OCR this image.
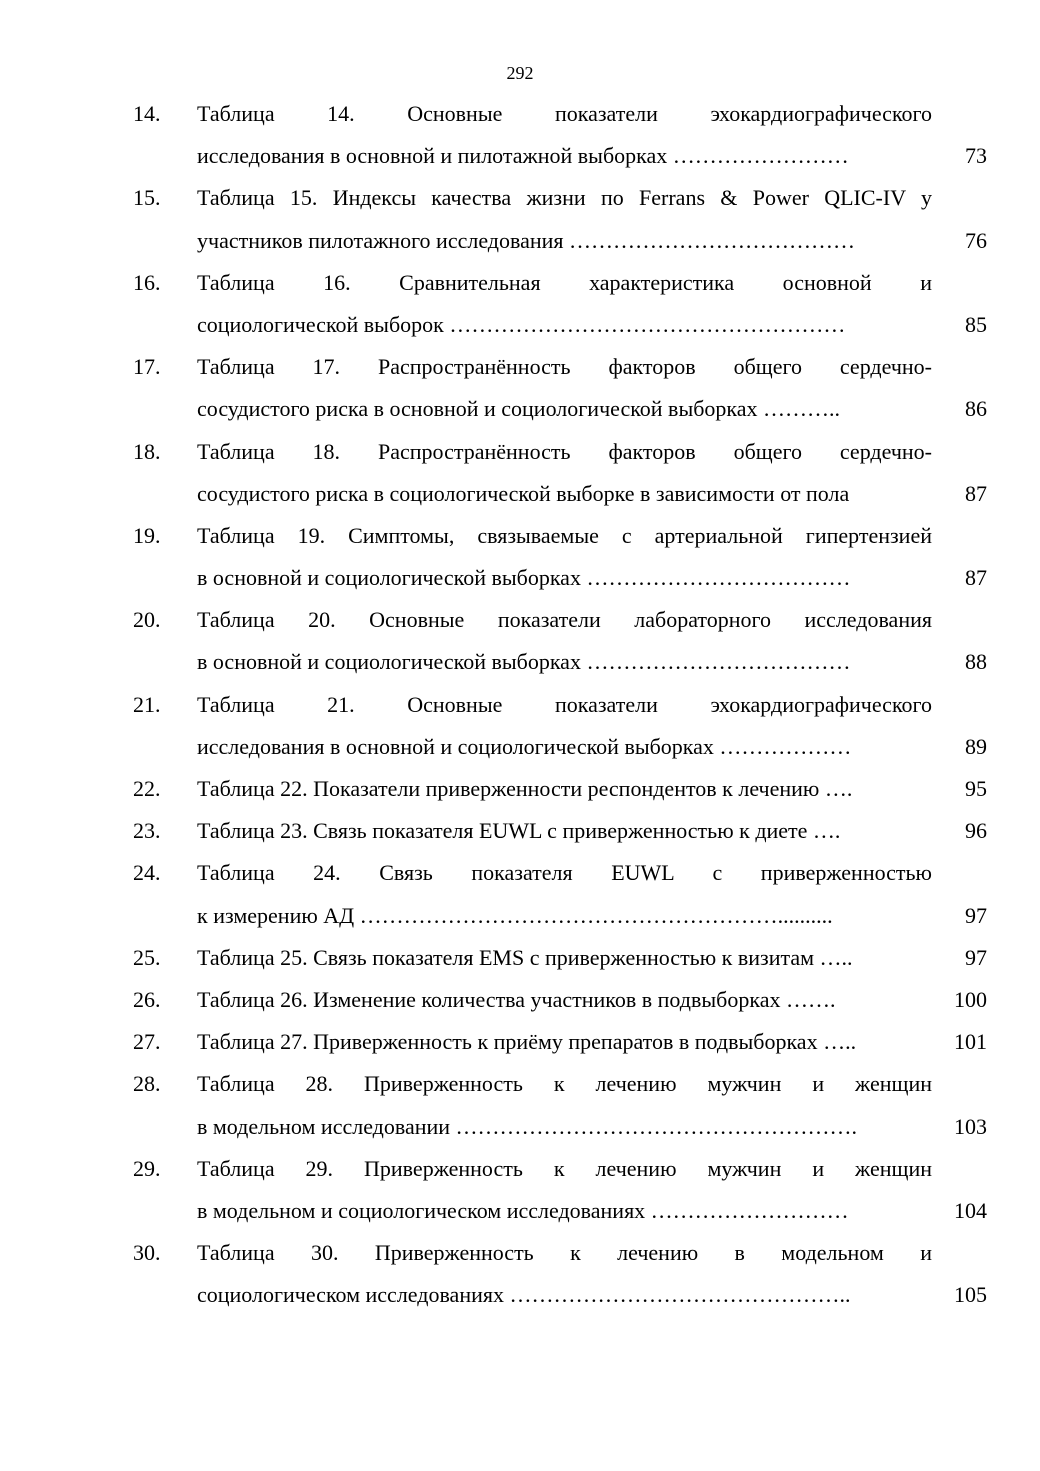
292
14. Таблица 14. Основные показатели эхокардиографического
исследования в основной и пилотажной выборках ……………………	73
15. Таблица 15. Индексы качества жизни по Ferrans & Power QLIC-IV у
участников пилотажного исследования …………………………………	76
16. Таблица 16. Сравнительная характеристика основной и
социологической выборок ………………………………………………	85
17. Таблица 17. Распространённость факторов общего сердечно-
сосудистого риска в основной и социологической выборках ………..	86
18. Таблица 18. Распространённость факторов общего сердечно-
сосудистого риска в социологической выборке в зависимости от пола	87
19. Таблица 19. Симптомы, связываемые с артериальной гипертензией
в основной и социологической выборках ………………………………	87
20. Таблица 20. Основные показатели лабораторного исследования
в основной и социологической выборках ………………………………	88
21. Таблица 21. Основные показатели эхокардиографического
исследования в основной и социологической выборках ………………	89
22. Таблица 22. Показатели приверженности респондентов к лечению ….	95
23. Таблица 23. Связь показателя EUWL с приверженностью к диете ….	96
24. Таблица 24. Связь показателя EUWL с приверженностью
к измерению АД …………………………………………………..........	97
25. Таблица 25. Связь показателя EMS с приверженностью к визитам …..	97
26. Таблица 26. Изменение количества участников в подвыборках …….	100
27. Таблица 27. Приверженность к приёму препаратов в подвыборках …..	101
28. Таблица 28. Приверженность к лечению мужчин и женщин
в модельном исследовании ……………………………………………….	103
29. Таблица 29. Приверженность к лечению мужчин и женщин
в модельном и социологическом исследованиях ………………………	104
30. Таблица 30. Приверженность к лечению в модельном и
социологическом исследованиях ………………………………………..	105
